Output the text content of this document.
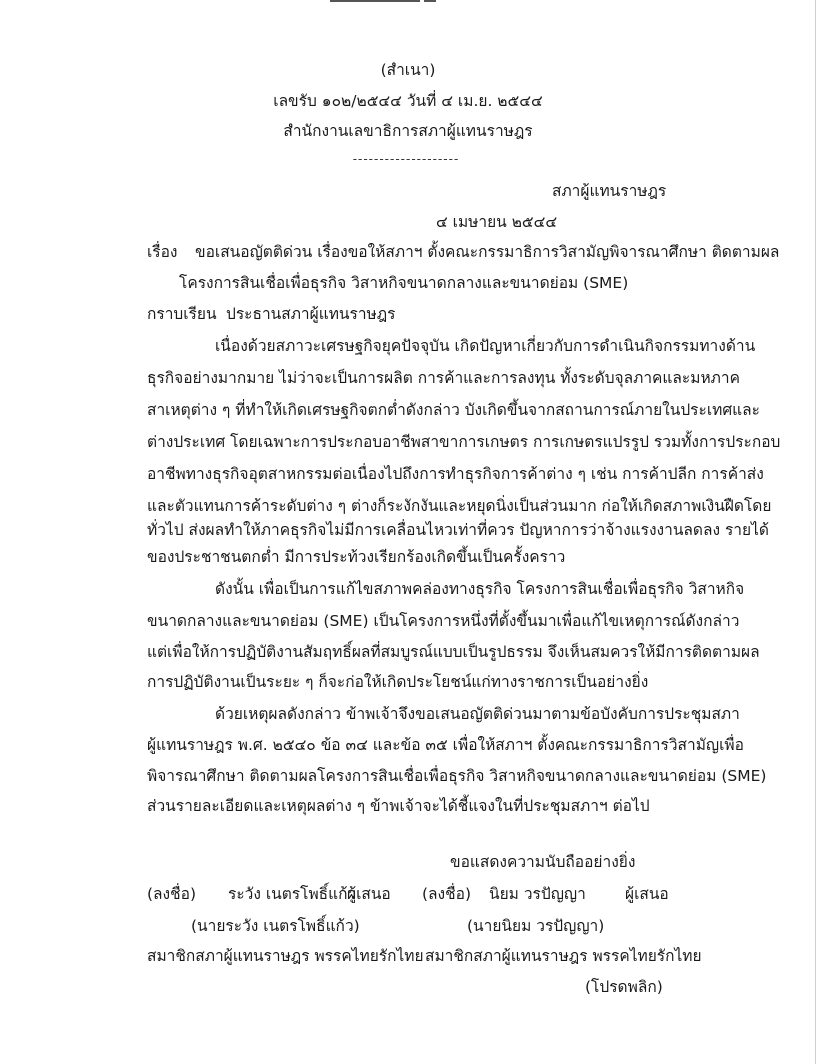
(สำเนา)
เลขรับ ๑๐๒/๒๕๔๔ วันที่ ๔ เม.ย. ๒๕๔๔
สำนักงานเลขาธิการสภาผู้แทนราษฎร
--------------------
สภาผู้แทนราษฎร
๔ เมษายน ๒๕๔๔
เรื่อง ขอเสนอญัตติด่วน เรื่องขอให้สภาฯ ตั้งคณะกรรมาธิการวิสามัญพิจารณาศึกษา ติดตามผล
โครงการสินเชื่อเพื่อธุรกิจ วิสาหกิจขนาดกลางและขนาดย่อม (SME)
กราบเรียน ประธานสภาผู้แทนราษฎร
เนื่องด้วยสภาวะเศรษฐกิจยุคปัจจุบัน เกิดปัญหาเกี่ยวกับการดำเนินกิจกรรมทางด้าน
ธุรกิจอย่างมากมาย ไม่ว่าจะเป็นการผลิต การค้าและการลงทุน ทั้งระดับจุลภาคและมหภาค
สาเหตุต่าง ๆ ที่ทำให้เกิดเศรษฐกิจตกต่ำดังกล่าว บังเกิดขึ้นจากสถานการณ์ภายในประเทศและ
ต่างประเทศ โดยเฉพาะการประกอบอาชีพสาขาการเกษตร การเกษตรแปรรูป รวมทั้งการประกอบ
อาชีพทางธุรกิจอุตสาหกรรมต่อเนื่องไปถึงการทำธุรกิจการค้าต่าง ๆ เช่น การค้าปลีก การค้าส่ง
และตัวแทนการค้าระดับต่าง ๆ ต่างก็ระงักงันและหยุดนิ่งเป็นส่วนมาก ก่อให้เกิดสภาพเงินฝืดโดย
ทั่วไป ส่งผลทำให้ภาคธุรกิจไม่มีการเคลื่อนไหวเท่าที่ควร ปัญหาการว่าจ้างแรงงานลดลง รายได้
ของประชาชนตกต่ำ มีการประท้วงเรียกร้องเกิดขึ้นเป็นครั้งคราว
ดังนั้น เพื่อเป็นการแก้ไขสภาพคล่องทางธุรกิจ โครงการสินเชื่อเพื่อธุรกิจ วิสาหกิจ
ขนาดกลางและขนาดย่อม (SME) เป็นโครงการหนึ่งที่ตั้งขึ้นมาเพื่อแก้ไขเหตุการณ์ดังกล่าว
แต่เพื่อให้การปฏิบัติงานสัมฤทธิ์ผลที่สมบูรณ์แบบเป็นรูปธรรม จึงเห็นสมควรให้มีการติดตามผล
การปฏิบัติงานเป็นระยะ ๆ ก็จะก่อให้เกิดประโยชน์แก่ทางราชการเป็นอย่างยิ่ง
ด้วยเหตุผลดังกล่าว ข้าพเจ้าจึงขอเสนอญัตติด่วนมาตามข้อบังคับการประชุมสภา
ผู้แทนราษฎร พ.ศ. ๒๕๔๐ ข้อ ๓๔ และข้อ ๓๕ เพื่อให้สภาฯ ตั้งคณะกรรมาธิการวิสามัญเพื่อ
พิจารณาศึกษา ติดตามผลโครงการสินเชื่อเพื่อธุรกิจ วิสาหกิจขนาดกลางและขนาดย่อม (SME)
ส่วนรายละเอียดและเหตุผลต่าง ๆ ข้าพเจ้าจะได้ชี้แจงในที่ประชุมสภาฯ ต่อไป
ขอแสดงความนับถืออย่างยิ่ง
(ลงชื่อ) ระวัง เนตรโพธิ์แก้ว
ผู้เสนอ (ลงชื่อ) นิยม วรปัญญา	ผู้เสนอ
(นายระวัง เนตรโพธิ์แก้ว)	(นายนิยม วรปัญญา)
สมาชิกสภาผู้แทนราษฎร พรรคไทยรักไทย สมาชิกสภาผู้แทนราษฎร พรรคไทยรักไทย
(โปรดพลิก)
